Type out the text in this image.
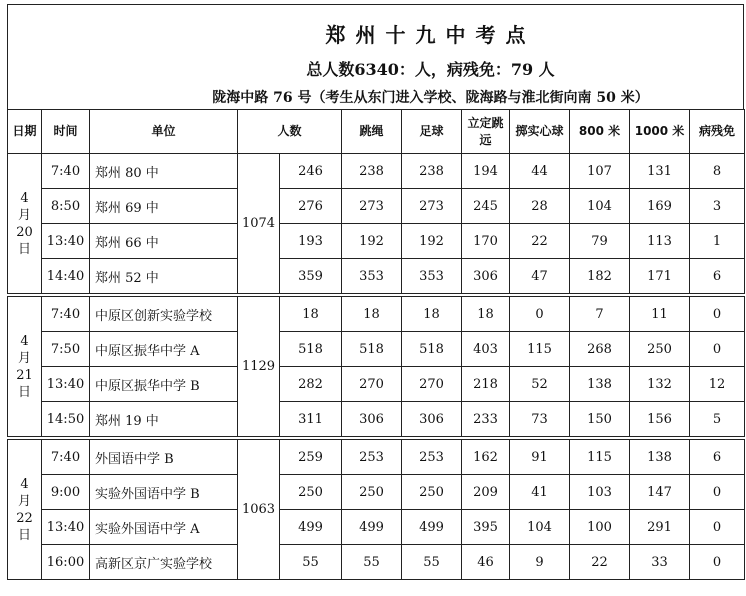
郑州十九中考点
总人数6340：人，病残免：79 人
陇海中路 76 号（考生从东门进入学校、陇海路与淮北街向南 50 米）
日期	时间	单位	人数		跳绳	足球	立定跳远	掷实心球	800 米	1000 米	病残免

4
月
20
日	7:40	郑州 80 中	1074	246	238	238	194	44	107	131	8
	8:50	郑州 69 中		276	273	273	245	28	104	169	3
	13:40	郑州 66 中		193	192	192	170	22	79	113	1
	14:40	郑州 52 中		359	353	353	306	47	182	171	6

4
月
21
日	7:40	中原区创新实验学校	1129	18	18	18	18	0	7	11	0
	7:50	中原区振华中学 A		518	518	518	403	115	268	250	0
	13:40	中原区振华中学 B		282	270	270	218	52	138	132	12
	14:50	郑州 19 中		311	306	306	233	73	150	156	5

4
月
22
日	7:40	外国语中学 B	1063	259	253	253	162	91	115	138	6
	9:00	实验外国语中学 B		250	250	250	209	41	103	147	0
	13:40	实验外国语中学 A		499	499	499	395	104	100	291	0
	16:00	高新区京广实验学校		55	55	55	46	9	22	33	0
